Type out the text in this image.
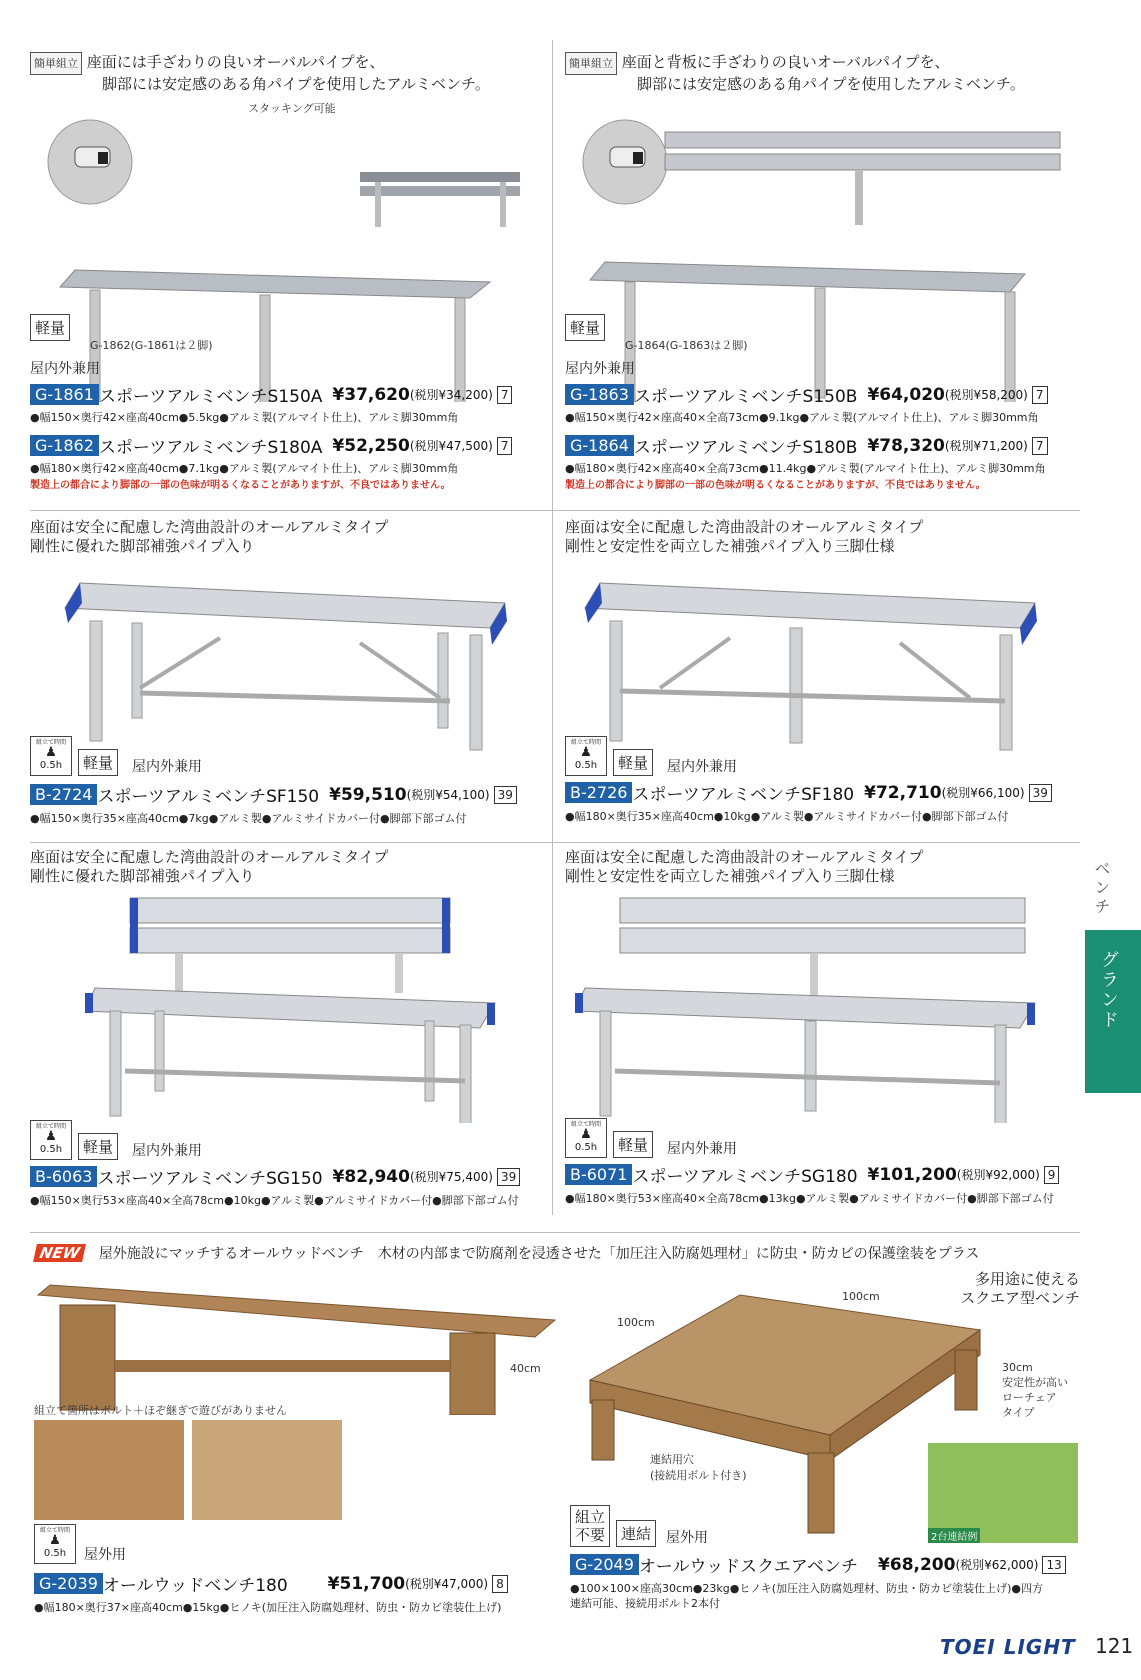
簡単組立 座面には手ざわりの良いオーバルパイプを、
脚部には安定感のある角パイプを使用したアルミベンチ。
スタッキング可能
軽量
G-1862(G-1861は２脚)
屋内外兼用
G-1861 スポーツアルミベンチS150A ¥37,620 (税別¥34,200) 7
●幅150×奥行42×座高40cm●5.5kg●アルミ製(アルマイト仕上)、アルミ脚30mm角
G-1862 スポーツアルミベンチS180A ¥52,250 (税別¥47,500) 7
●幅180×奥行42×座高40cm●7.1kg●アルミ製(アルマイト仕上)、アルミ脚30mm角
製造上の都合により脚部の一部の色味が明るくなることがありますが、不良ではありません。
簡単組立 座面と背板に手ざわりの良いオーバルパイプを、
脚部には安定感のある角パイプを使用したアルミベンチ。
軽量
G-1864(G-1863は２脚)
屋内外兼用
G-1863 スポーツアルミベンチS150B ¥64,020 (税別¥58,200) 7
●幅150×奥行42×座高40×全高73cm●9.1kg●アルミ製(アルマイト仕上)、アルミ脚30mm角
G-1864 スポーツアルミベンチS180B ¥78,320 (税別¥71,200) 7
●幅180×奥行42×座高40×全高73cm●11.4kg●アルミ製(アルマイト仕上)、アルミ脚30mm角
製造上の都合により脚部の一部の色味が明るくなることがありますが、不良ではありません。
座面は安全に配慮した湾曲設計のオールアルミタイプ
剛性に優れた脚部補強パイプ入り
組立て時間
♟
0.5h	軽量	屋内外兼用
B-2724 スポーツアルミベンチSF150 ¥59,510 (税別¥54,100) 39
●幅150×奥行35×座高40cm●7kg●アルミ製●アルミサイドカバー付●脚部下部ゴム付
座面は安全に配慮した湾曲設計のオールアルミタイプ
剛性と安定性を両立した補強パイプ入り三脚仕様
組立て時間
♟
0.5h	軽量	屋内外兼用
B-2726 スポーツアルミベンチSF180 ¥72,710 (税別¥66,100) 39
●幅180×奥行35×座高40cm●10kg●アルミ製●アルミサイドカバー付●脚部下部ゴム付
座面は安全に配慮した湾曲設計のオールアルミタイプ
剛性に優れた脚部補強パイプ入り
組立て時間
♟
0.5h	軽量	屋内外兼用
B-6063 スポーツアルミベンチSG150 ¥82,940 (税別¥75,400) 39
●幅150×奥行53×座高40×全高78cm●10kg●アルミ製●アルミサイドカバー付●脚部下部ゴム付
座面は安全に配慮した湾曲設計のオールアルミタイプ
剛性と安定性を両立した補強パイプ入り三脚仕様
組立て時間
♟
0.5h	軽量	屋内外兼用
B-6071 スポーツアルミベンチSG180 ¥101,200 (税別¥92,000) 9
●幅180×奥行53×座高40×全高78cm●13kg●アルミ製●アルミサイドカバー付●脚部下部ゴム付
NEW 屋外施設にマッチするオールウッドベンチ　木材の内部まで防腐剤を浸透させた「加圧注入防腐処理材」に防虫・防カビの保護塗装をプラス
40cm
組立て箇所はボルト＋ほぞ継ぎで遊びがありません
組立て時間
♟
0.5h	屋外用
G-2039 オールウッドベンチ180 ¥51,700 (税別¥47,000) 8
●幅180×奥行37×座高40cm●15kg●ヒノキ(加圧注入防腐処理材、防虫・防カビ塗装仕上げ)
多用途に使える
スクエア型ベンチ
100cm
100cm
30cm
安定性が高い
ローチェア
タイプ
連結用穴
(接続用ボルト付き)
2台連結例
組立
不要	連結	屋外用
G-2049 オールウッドスクエアベンチ ¥68,200 (税別¥62,000) 13
●100×100×座高30cm●23kg●ヒノキ(加圧注入防腐処理材、防虫・防カビ塗装仕上げ)●四方
連結可能、接続用ボルト2本付
ベンチ
グランド
TOEI LIGHT 121
